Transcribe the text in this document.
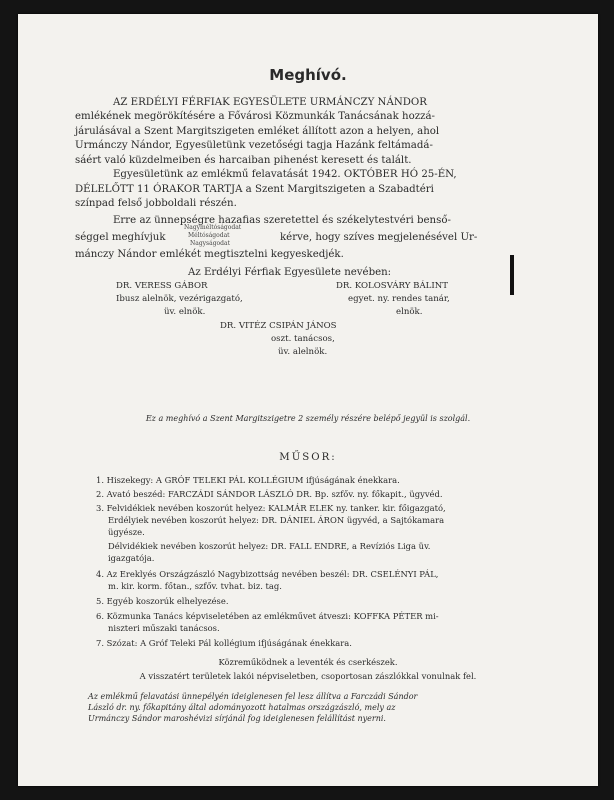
Meghívó.
AZ ERDÉLYI FÉRFIAK EGYESÜLETE URMÁNCZY NÁNDOR
emlékének megörökítésére a Fővárosi Közmunkák Tanácsának hozzá-
járulásával a Szent Margitszigeten emléket állított azon a helyen, ahol
Urmánczy Nándor, Egyesületünk vezetőségi tagja Hazánk feltámadá-
sáért való küzdelmeiben és harcaiban pihenést keresett és talált.
Egyesületünk az emlékmű felavatását 1942. OKTÓBER HÓ 25-ÉN,
DÉLELŐTT 11 ÓRAKOR TARTJA a Szent Margitszigeten a Szabadtéri
színpad felső jobboldali részén.
Erre az ünnepségre hazafias szeretettel és székelytestvéri benső-
séggel meghívjuk
Nagyméltóságodat
Méltóságodat
Nagyságodat
kérve, hogy szíves megjelenésével Ur-
mánczy Nándor emlékét megtisztelni kegyeskedjék.
Az Erdélyi Férfiak Egyesülete nevében:
DR. VERESS GÁBOR
Ibusz alelnök, vezérigazgató,
üv. elnök.
DR. KOLOSVÁRY BÁLINT
egyet. ny. rendes tanár,
elnök.
DR. VITÉZ CSIPÁN JÁNOS
oszt. tanácsos,
üv. alelnök.
Ez a meghívó a Szent Margitszigetre 2 személy részére belépő jegyül is szolgál.
MŰSOR:
1. Hiszekegy: A GRÓF TELEKI PÁL KOLLÉGIUM ifjúságának énekkara.
2. Avató beszéd: FARCZÁDI SÁNDOR LÁSZLÓ DR. Bp. szfőv. ny. főkapit., ügyvéd.
3. Felvidékiek nevében koszorút helyez: KALMÁR ELEK ny. tanker. kir. főigazgató,
Erdélyiek nevében koszorút helyez: DR. DÁNIEL ÁRON ügyvéd, a Sajtókamara
ügyésze.
Délvidékiek nevében koszorút helyez: DR. FALL ENDRE, a Revíziós Liga üv.
igazgatója.
4. Az Ereklyés Országzászló Nagybizottság nevében beszél: DR. CSELÉNYI PÁL,
m. kir. korm. főtan., szfőv. tvhat. biz. tag.
5. Egyéb koszorúk elhelyezése.
6. Közmunka Tanács képviseletében az emlékművet átveszi: KOFFKA PÉTER mi-
niszteri műszaki tanácsos.
7. Szózat: A Gróf Teleki Pál kollégium ifjúságának énekkara.
Közreműködnek a leventék és cserkészek.
A visszatért területek lakói népviseletben, csoportosan zászlókkal vonulnak fel.
Az emlékmű felavatási ünnepélyén ideiglenesen fel lesz állítva a Farczádi Sándor
László dr. ny. főkapitány által adományozott hatalmas országzászló, mely az
Urmánczy Sándor maroshévizi sírjánál fog ideiglenesen felállítást nyerni.
